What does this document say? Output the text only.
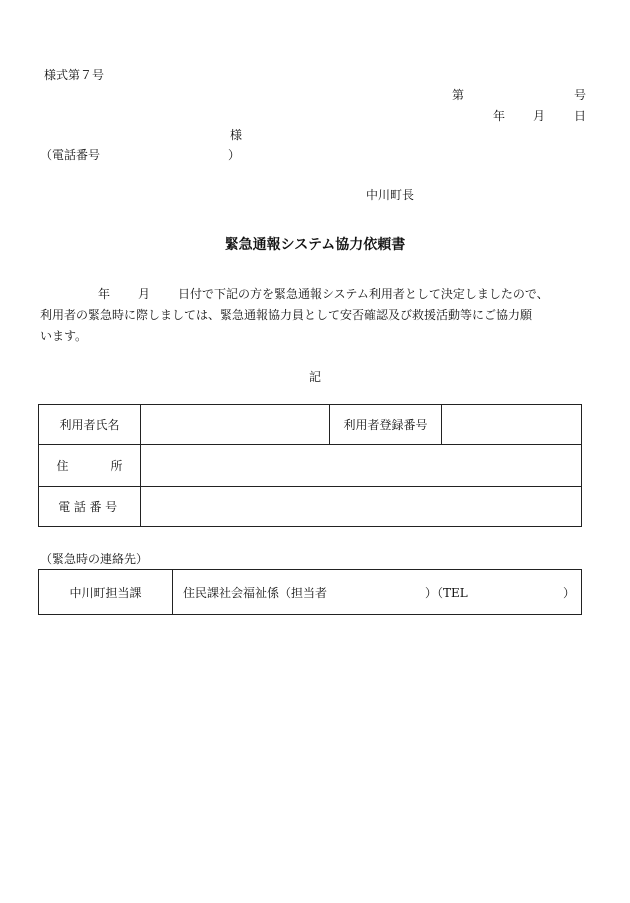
様式第７号
第	号
年 月 日
様
（電話番号	）
中川町長
緊急通報システム協力依頼書
年 月 日付で下記の方を緊急通報システム利用者として決定しましたので、
利用者の緊急時に際しましては、緊急通報協力員として安否確認及び救援活動等にご協力願
います。
記
利用者氏名		利用者登録番号	
住 所			
電話番号			
（緊急時の連絡先）
中川町担当課	住民課社会福祉係（担当者	）（TEL	）
